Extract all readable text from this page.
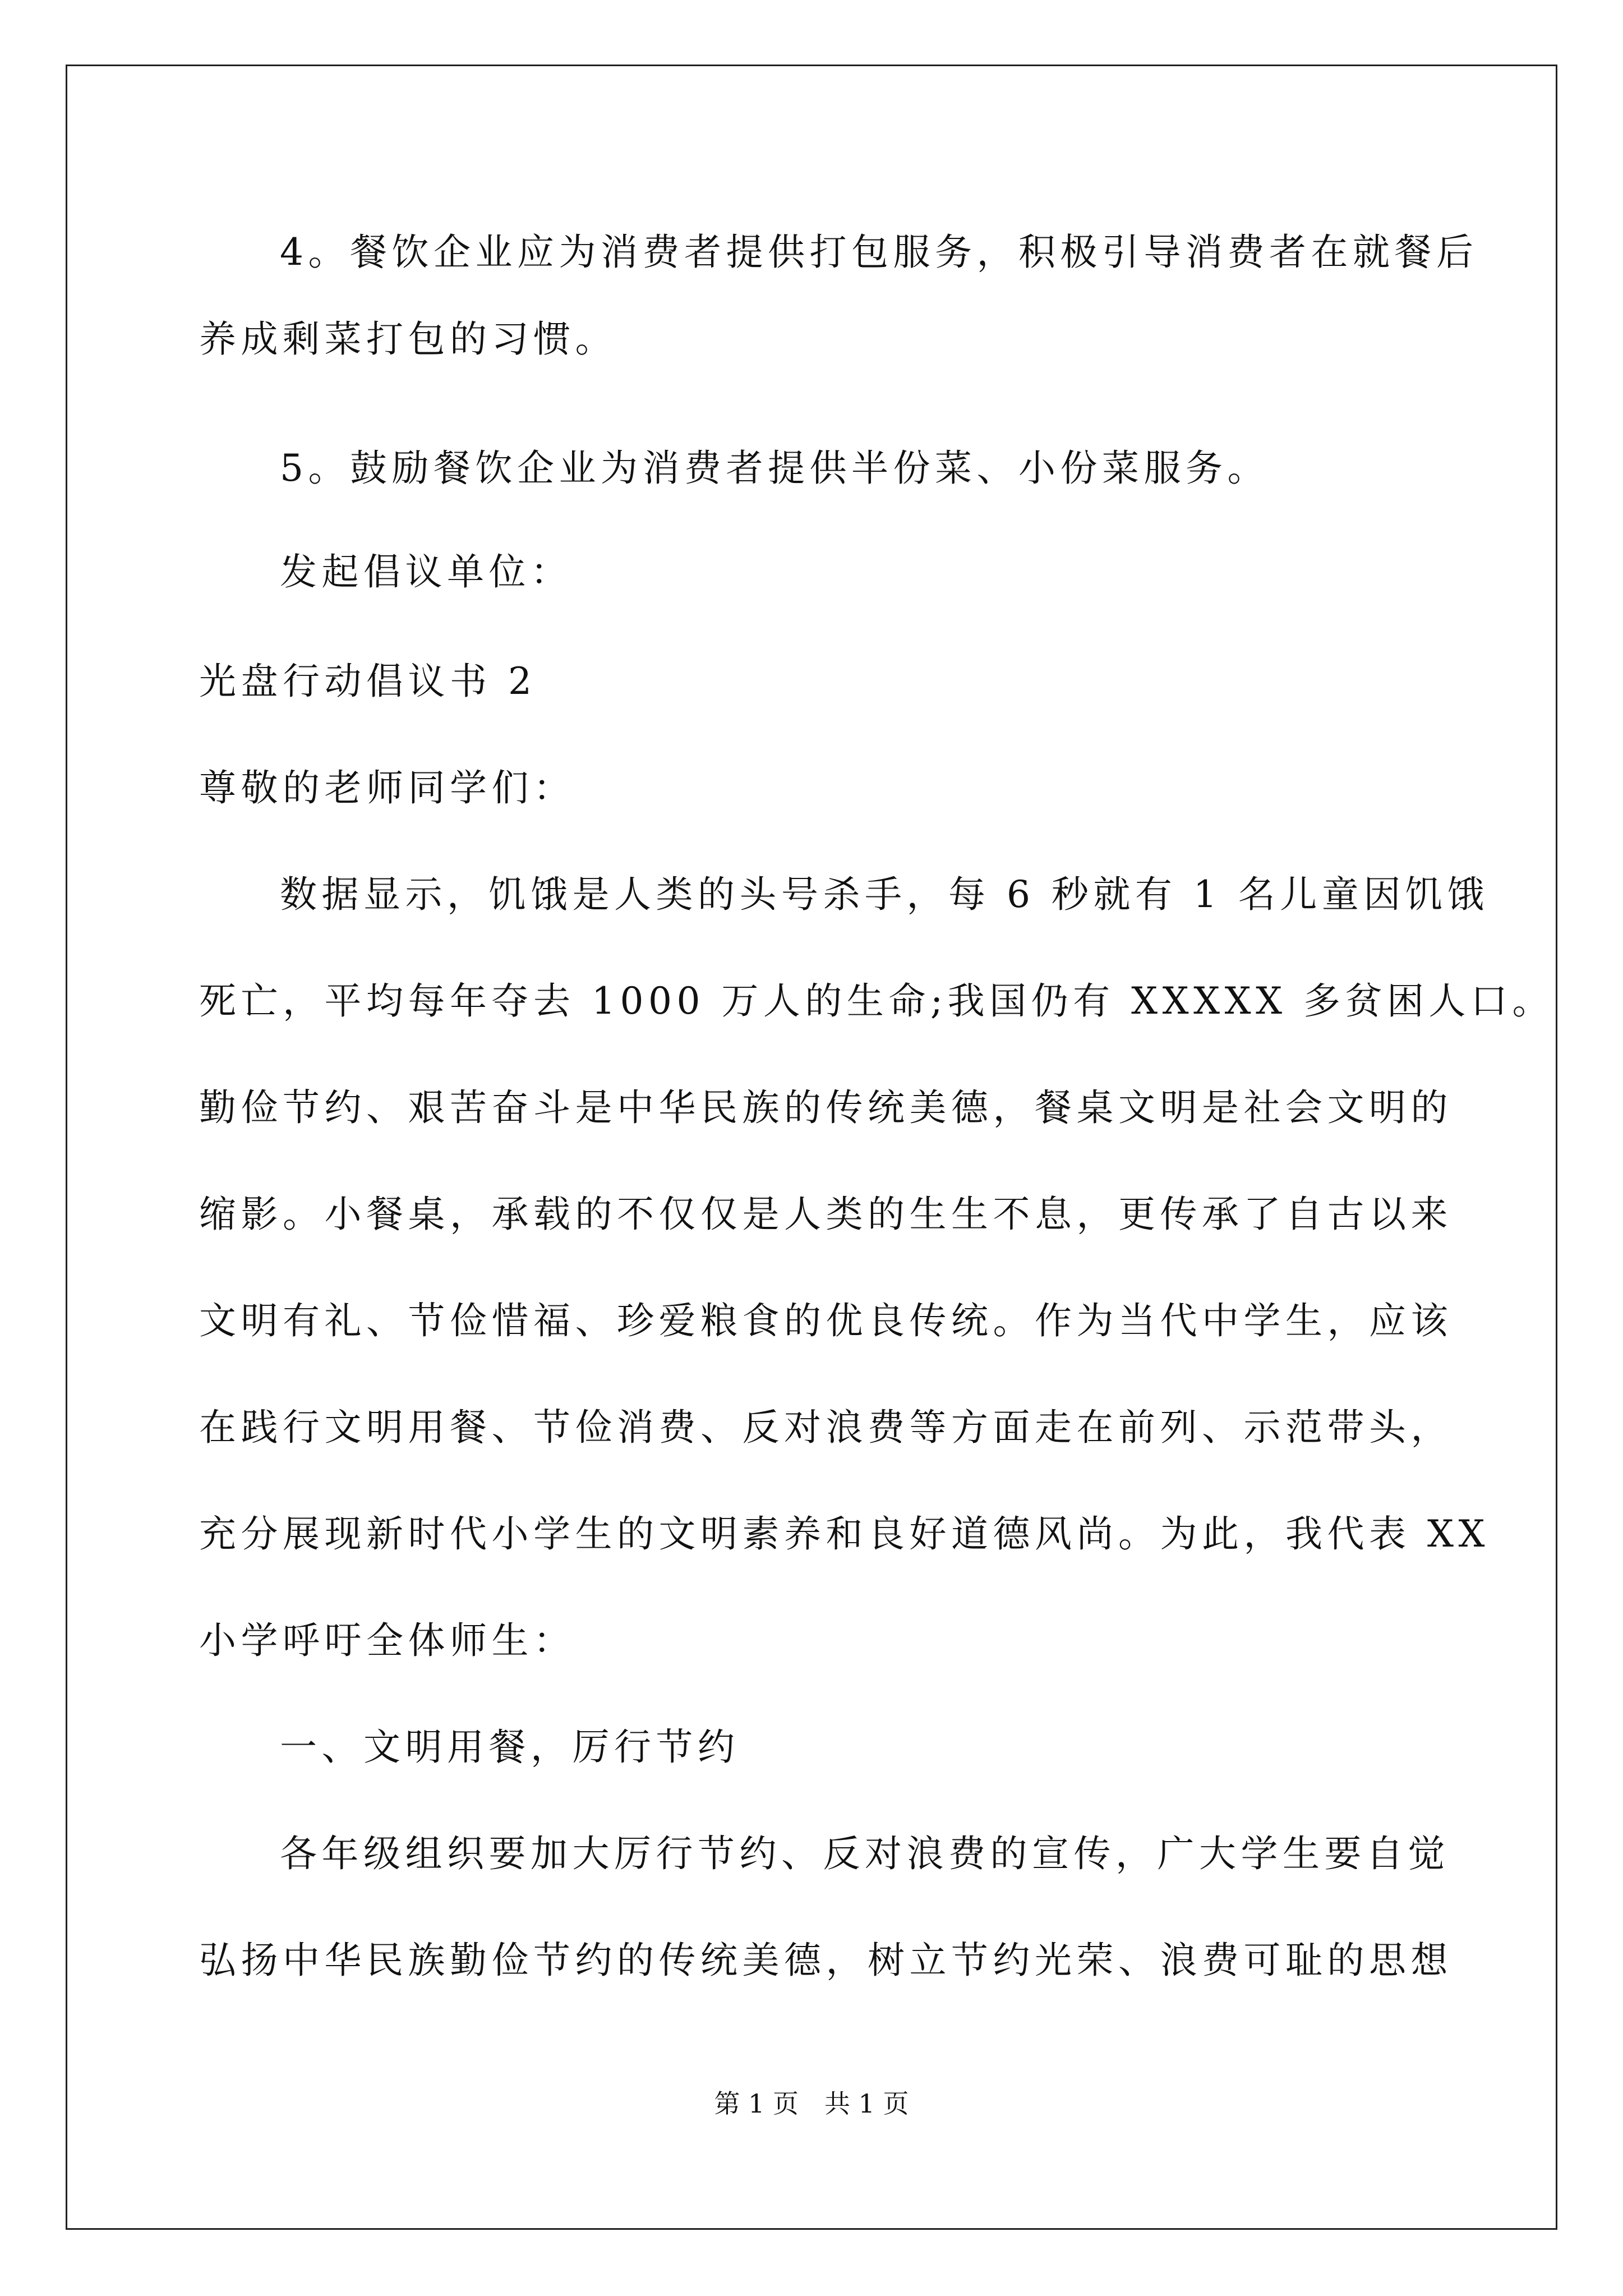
4。餐饮企业应为消费者提供打包服务，积极引导消费者在就餐后
养成剩菜打包的习惯。
5。鼓励餐饮企业为消费者提供半份菜、小份菜服务。
发起倡议单位：
光盘行动倡议书 2
尊敬的老师同学们：
数据显示，饥饿是人类的头号杀手，每 6 秒就有 1 名儿童因饥饿
死亡，平均每年夺去 1000 万人的生命;我国仍有 XXXXX 多贫困人口。
勤俭节约、艰苦奋斗是中华民族的传统美德，餐桌文明是社会文明的
缩影。小餐桌，承载的不仅仅是人类的生生不息，更传承了自古以来
文明有礼、节俭惜福、珍爱粮食的优良传统。作为当代中学生，应该
在践行文明用餐、节俭消费、反对浪费等方面走在前列、示范带头，
充分展现新时代小学生的文明素养和良好道德风尚。为此，我代表 XX
小学呼吁全体师生：
一、文明用餐，厉行节约
各年级组织要加大厉行节约、反对浪费的宣传，广大学生要自觉
弘扬中华民族勤俭节约的传统美德，树立节约光荣、浪费可耻的思想
第 1 页　共 1 页
